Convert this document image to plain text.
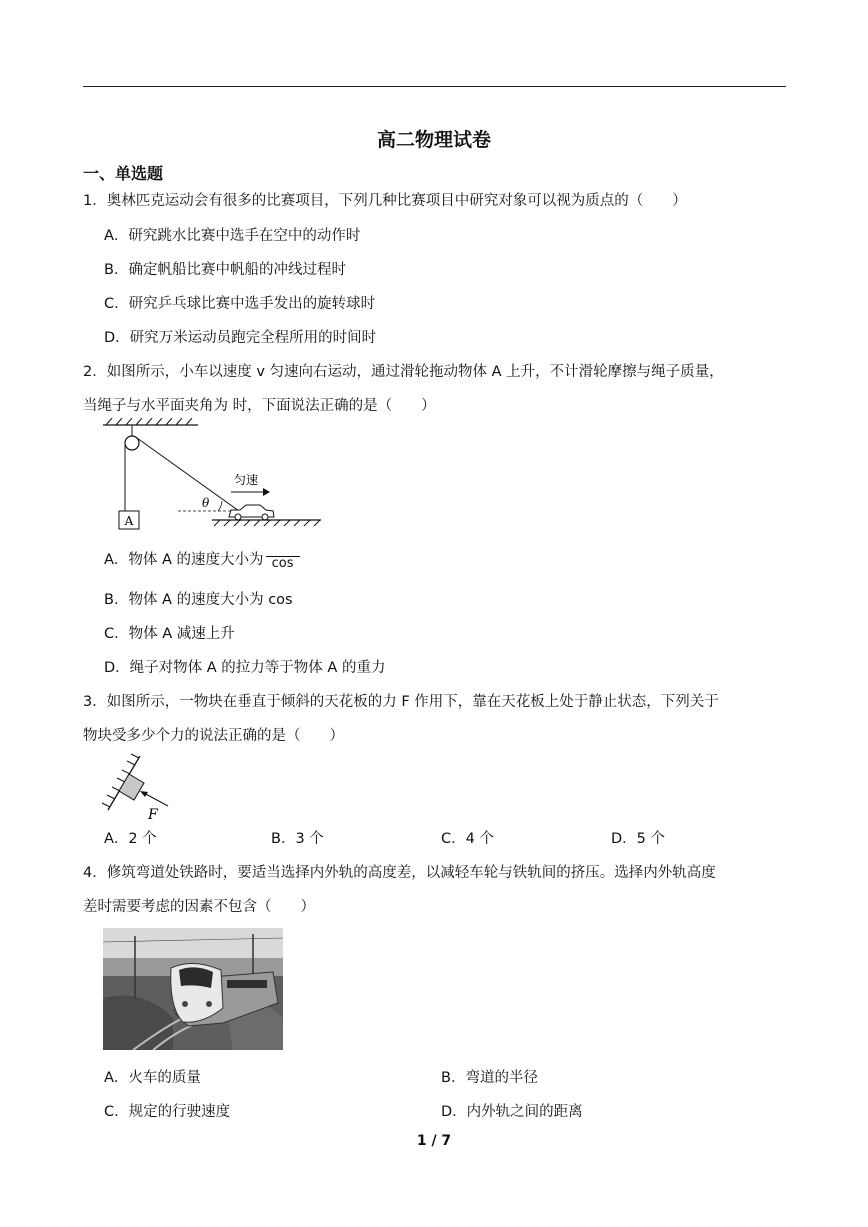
高二物理试卷
一、单选题
1．奥林匹克运动会有很多的比赛项目，下列几种比赛项目中研究对象可以视为质点的（　　）
A．研究跳水比赛中选手在空中的动作时
B．确定帆船比赛中帆船的冲线过程时
C．研究乒乓球比赛中选手发出的旋转球时
D．研究万米运动员跑完全程所用的时间时
2．如图所示，小车以速度 v 匀速向右运动，通过滑轮拖动物体 A 上升，不计滑轮摩擦与绳子质量，
当绳子与水平面夹角为 时，下面说法正确的是（　　）
A
θ
匀速
A．物体 A 的速度大小为 cos
B．物体 A 的速度大小为 cos
C．物体 A 减速上升
D．绳子对物体 A 的拉力等于物体 A 的重力
3．如图所示，一物块在垂直于倾斜的天花板的力 F 作用下，靠在天花板上处于静止状态，下列关于
物块受多少个力的说法正确的是（　　）
F
A．2 个	B．3 个	C．4 个	D．5 个
4．修筑弯道处铁路时，要适当选择内外轨的高度差，以减轻车轮与铁轨间的挤压。选择内外轨高度
差时需要考虑的因素不包含（　　）
A．火车的质量	B．弯道的半径
C．规定的行驶速度	D．内外轨之间的距离
1 / 7
